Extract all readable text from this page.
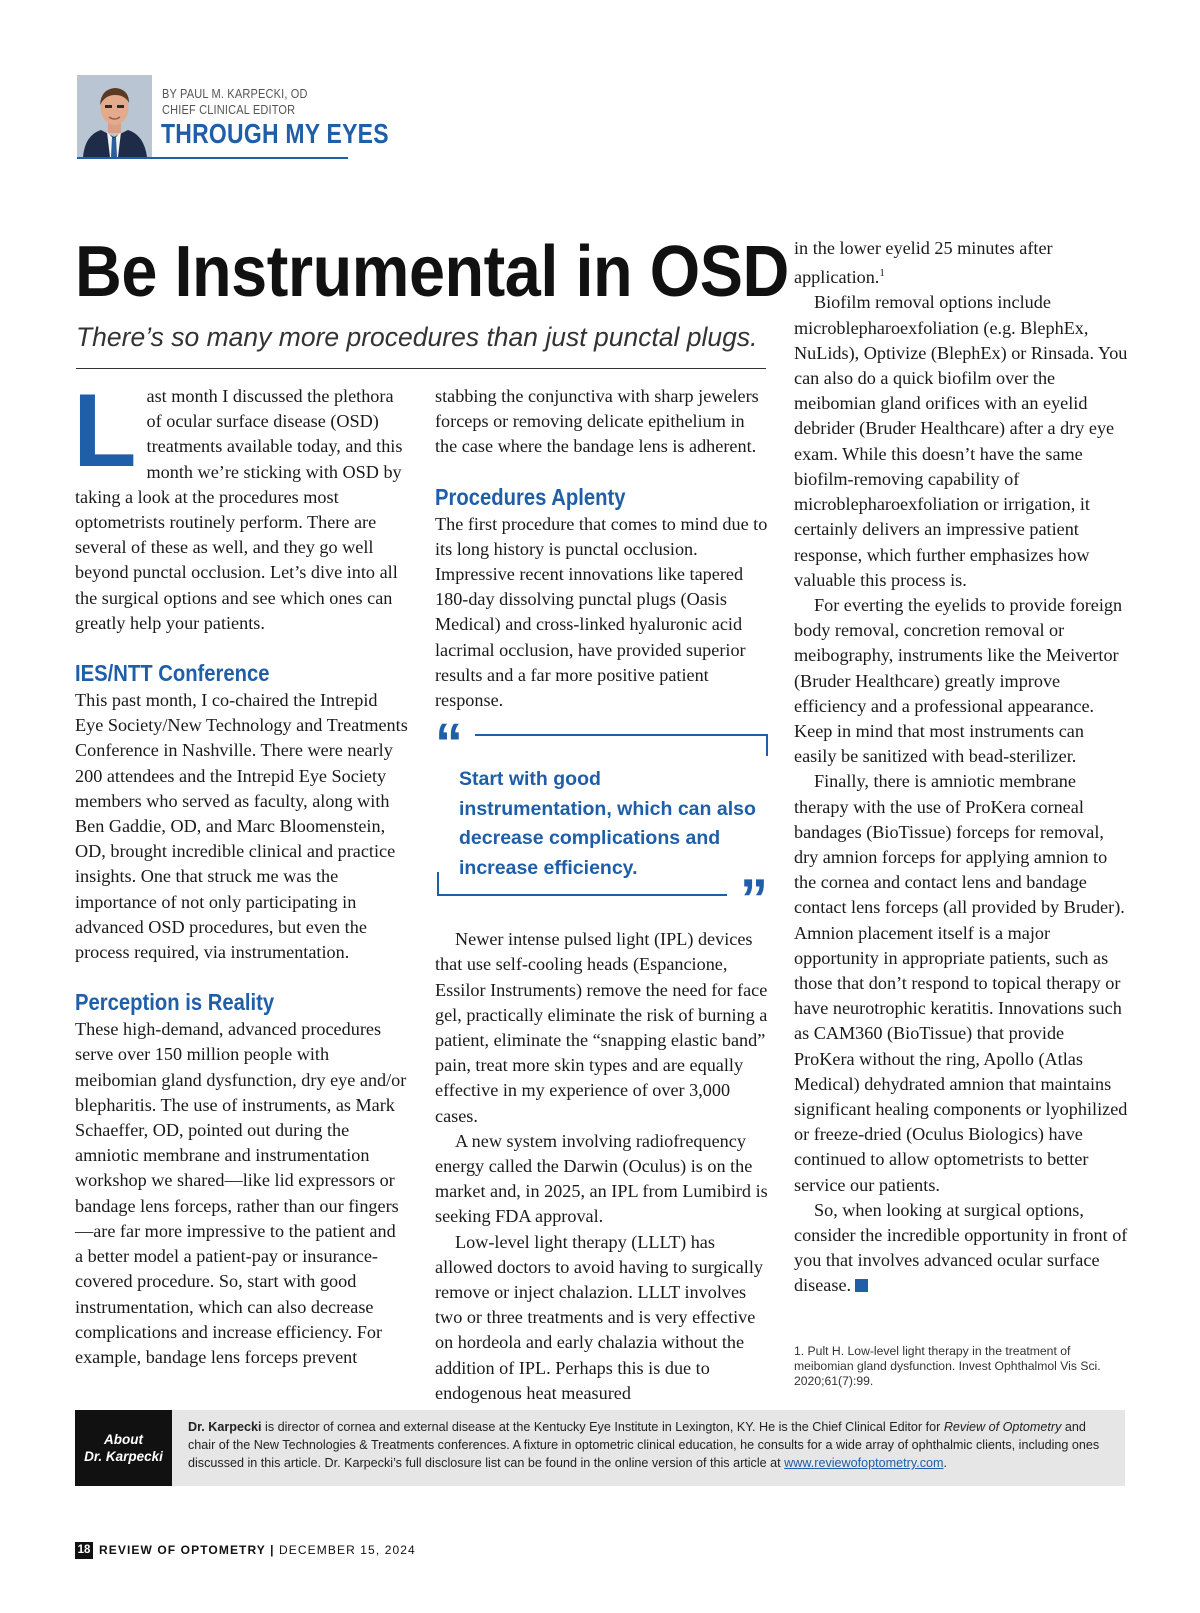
BY PAUL M. KARPECKI, OD
CHIEF CLINICAL EDITOR
THROUGH MY EYES
Be Instrumental in OSD
There’s so many more procedures than just punctal plugs.

Last month I discussed the plethora of ocular surface disease (OSD) treatments available today, and this month we’re sticking with OSD by taking a look at the procedures most optometrists routinely perform. There are several of these as well, and they go well beyond punctal occlusion. Let’s dive into all the surgical options and see which ones can greatly help your patients.

IES/NTT Conference

This past month, I co-chaired the Intrepid Eye Society/New Technology and Treatments Conference in Nashville. There were nearly 200 attendees and the Intrepid Eye Society members who served as faculty, along with Ben Gaddie, OD, and Marc Bloomenstein, OD, brought incredible clinical and practice insights. One that struck me was the importance of not only participating in advanced OSD procedures, but even the process required, via instrumentation.

Perception is Reality

These high-demand, advanced procedures serve over 150 million people with meibomian gland dysfunction, dry eye and/or blepharitis. The use of instruments, as Mark Schaeffer, OD, pointed out during the amniotic membrane and instrumentation workshop we shared—like lid expressors or bandage lens forceps, rather than our fingers—are far more impressive to the patient and a better model a patient-pay or insurance-covered procedure. So, start with good instrumentation, which can also decrease complications and increase efficiency. For example, bandage lens forceps prevent

stabbing the conjunctiva with sharp jewelers forceps or removing delicate epithelium in the case where the bandage lens is adherent.

Procedures Aplenty

The first procedure that comes to mind due to its long history is punctal occlusion. Impressive recent innovations like tapered 180-day dissolving punctal plugs (Oasis Medical) and cross-linked hyaluronic acid lacrimal occlusion, have provided superior results and a far more positive patient response.

“
Start with good instrumentation, which can also decrease complications and increase efficiency.	”

Newer intense pulsed light (IPL) devices that use self-cooling heads (Espancione, Essilor Instruments) remove the need for face gel, practically eliminate the risk of burning a patient, eliminate the “snapping elastic band” pain, treat more skin types and are equally effective in my experience of over 3,000 cases.

A new system involving radiofrequency energy called the Darwin (Oculus) is on the market and, in 2025, an IPL from Lumibird is seeking FDA approval.

Low-level light therapy (LLLT) has allowed doctors to avoid having to surgically remove or inject chalazion. LLLT involves two or three treatments and is very effective on hordeola and early chalazia without the addition of IPL. Perhaps this is due to endogenous heat measured

in the lower eyelid 25 minutes after application.$^1$

Biofilm removal options include microblepharoexfoliation (e.g. BlephEx, NuLids), Optivize (BlephEx) or Rinsada. You can also do a quick biofilm over the meibomian gland orifices with an eyelid debrider (Bruder Healthcare) after a dry eye exam. While this doesn’t have the same biofilm-removing capability of microblepharoexfoliation or irrigation, it certainly delivers an impressive patient response, which further emphasizes how valuable this process is.

For everting the eyelids to provide foreign body removal, concretion removal or meibography, instruments like the Meivertor (Bruder Healthcare) greatly improve efficiency and a professional appearance. Keep in mind that most instruments can easily be sanitized with bead-sterilizer.

Finally, there is amniotic membrane therapy with the use of ProKera corneal bandages (BioTissue) forceps for removal, dry amnion forceps for applying amnion to the cornea and contact lens and bandage contact lens forceps (all provided by Bruder). Amnion placement itself is a major opportunity in appropriate patients, such as those that don’t respond to topical therapy or have neurotrophic keratitis. Innovations such as CAM360 (BioTissue) that provide ProKera without the ring, Apollo (Atlas Medical) dehydrated amnion that maintains significant healing components or lyophilized or freeze-dried (Oculus Biologics) have continued to allow optometrists to better service our patients.

So, when looking at surgical options, consider the incredible opportunity in front of you that involves advanced ocular surface disease.

1. Pult H. Low-level light therapy in the treatment of meibomian gland dysfunction. Invest Ophthalmol Vis Sci. 2020;61(7):99.
About
Dr. Karpecki
Dr. Karpecki is director of cornea and external disease at the Kentucky Eye Institute in Lexington, KY. He is the Chief Clinical Editor for Review of Optometry and chair of the New Technologies & Treatments conferences. A fixture in optometric clinical education, he consults for a wide array of ophthalmic clients, including ones discussed in this article. Dr. Karpecki’s full disclosure list can be found in the online version of this article at www.reviewofoptometry.com.
18 REVIEW OF OPTOMETRY | DECEMBER 15, 2024
